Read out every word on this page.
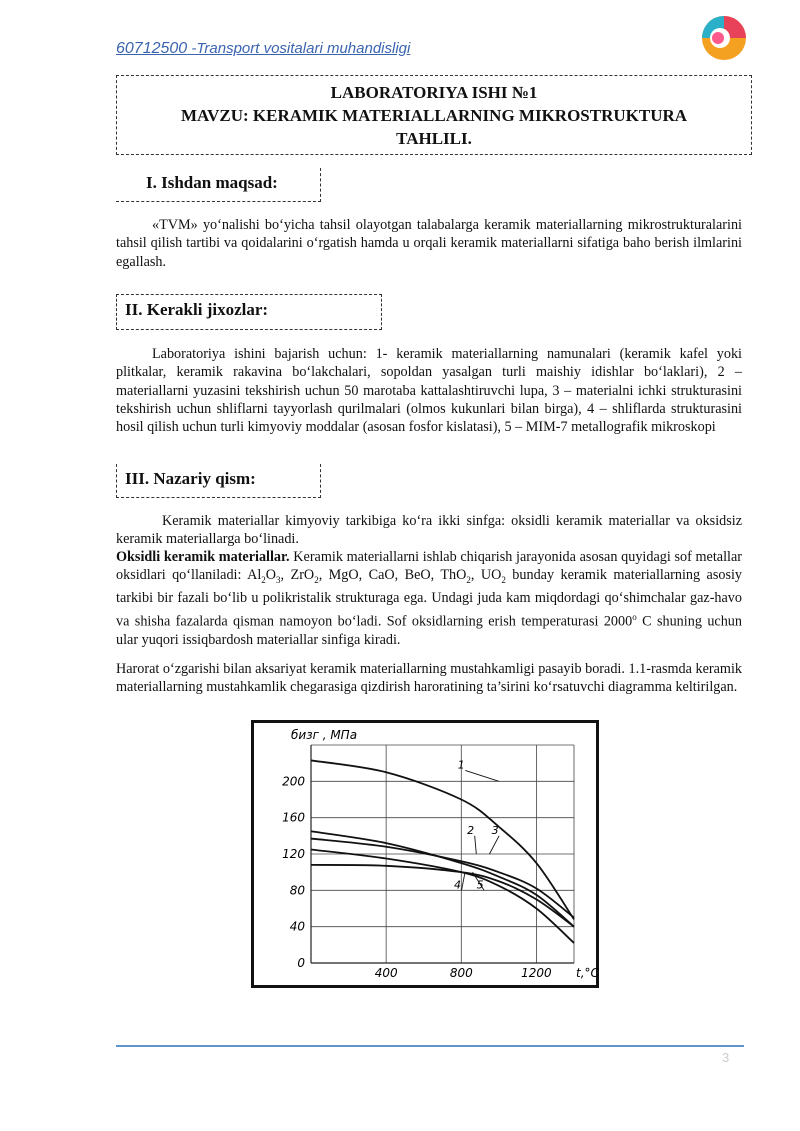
60712500 -Transport vositalari muhandisligi
LABORATORIYA ISHI №1
MAVZU: KERAMIK MATERIALLARNING MIKROSTRUKTURA
TAHLILI.
I. Ishdan maqsad:
«TVM» yo‘nalishi bo‘yicha tahsil olayotgan talabalarga keramik materiallarning mikrostrukturalarini tahsil qilish tartibi va qoidalarini o‘rgatish hamda u orqali keramik materiallarni sifatiga baho berish ilmlarini egallash.
II. Kerakli jixozlar:
Laboratoriya ishini bajarish uchun: 1- keramik materiallarning namunalari (keramik kafel yoki plitkalar, keramik rakavina bo‘lakchalari, sopoldan yasalgan turli maishiy idishlar bo‘laklari), 2 – materiallarni yuzasini tekshirish uchun 50 marotaba kattalashtiruvchi lupa, 3 – materialni ichki strukturasini tekshirish uchun shliflarni tayyorlash qurilmalari (olmos kukunlari bilan birga), 4 – shliflarda strukturasini hosil qilish uchun turli kimyoviy moddalar (asosan fosfor kislatasi), 5 – MIM-7 metallografik mikroskopi
III. Nazariy qism:
Keramik materiallar kimyoviy tarkibiga ko‘ra ikki sinfga: oksidli keramik materiallar va oksidsiz keramik materiallarga bo‘linadi.
Oksidli keramik materiallar. Keramik materiallarni ishlab chiqarish jarayonida asosan quyidagi sof metallar oksidlari qo‘llaniladi: $Al_2O_3$, ZrO$_2$, MgO, CaO, BeO, ThO$_2$, $UO_2$ bunday keramik materiallarning asosiy tarkibi bir fazali bo‘lib u polikristalik strukturaga ega. Undagi juda kam miqdordagi qo‘shimchalar gaz-havo va shisha fazalarda qisman namoyon bo‘ladi. Sof oksidlarning erish temperaturasi 2000$^o$ C shuning uchun ular yuqori issiqbardosh materiallar sinfiga kiradi.
Harorat o‘zgarishi bilan aksariyat keramik materiallarning mustahkamligi pasayib boradi. 1.1-rasmda keramik materiallarning mustahkamlik chegarasiga qizdirish haroratining ta’sirini ko‘rsatuvchi diagramma keltirilgan.
0
40
80
120
160
200
400	800	1200 t,°C
бизг , МПа
1
2 3
4 5
3
